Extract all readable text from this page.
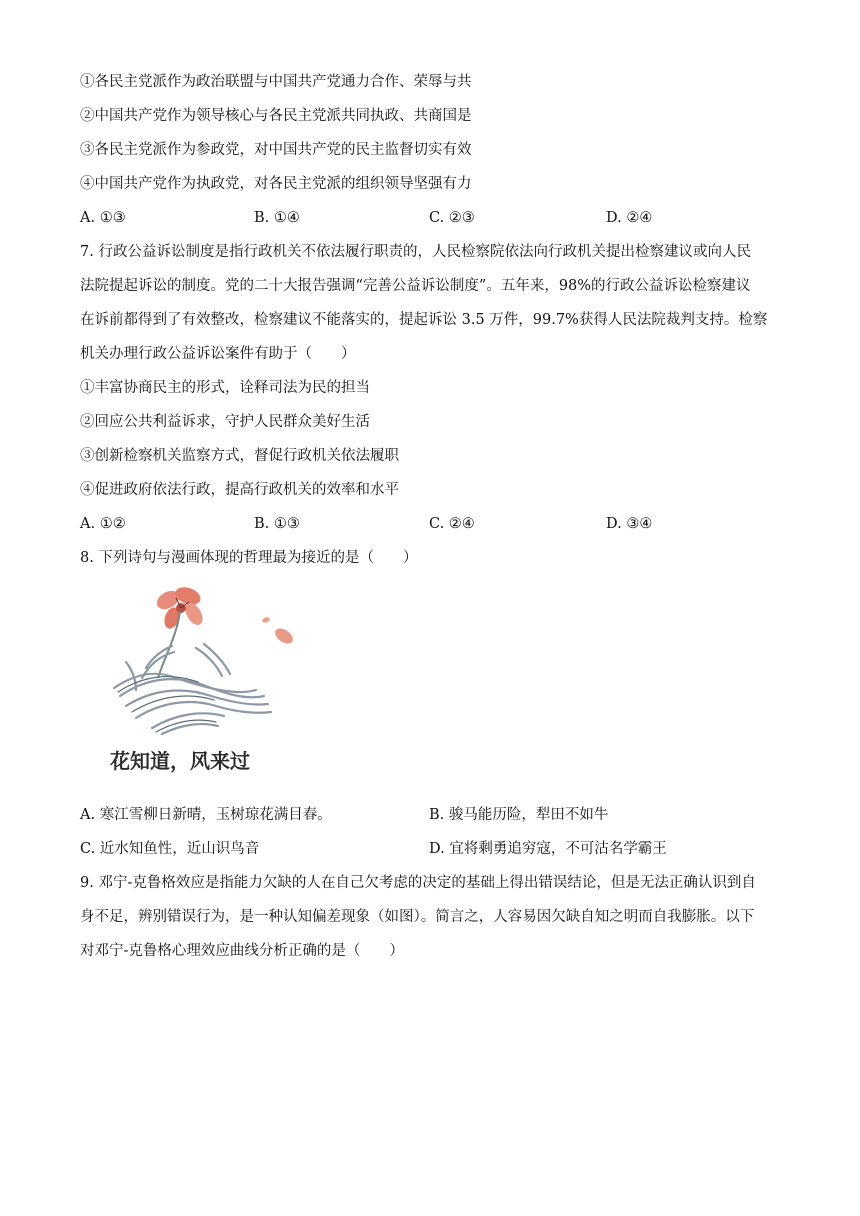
①各民主党派作为政治联盟与中国共产党通力合作、荣辱与共
②中国共产党作为领导核心与各民主党派共同执政、共商国是
③各民主党派作为参政党，对中国共产党的民主监督切实有效
④中国共产党作为执政党，对各民主党派的组织领导坚强有力
A. ①③	B. ①④	C. ②③	D. ②④
7. 行政公益诉讼制度是指行政机关不依法履行职责的，人民检察院依法向行政机关提出检察建议或向人民
法院提起诉讼的制度。党的二十大报告强调“完善公益诉讼制度”。五年来，98%的行政公益诉讼检察建议
在诉前都得到了有效整改，检察建议不能落实的，提起诉讼 3.5 万件，99.7%获得人民法院裁判支持。检察
机关办理行政公益诉讼案件有助于（　　）
①丰富协商民主的形式，诠释司法为民的担当
②回应公共利益诉求，守护人民群众美好生活
③创新检察机关监察方式，督促行政机关依法履职
④促进政府依法行政，提高行政机关的效率和水平
A. ①②	B. ①③	C. ②④	D. ③④
8. 下列诗句与漫画体现的哲理最为接近的是（　　）
花知道，风来过
A. 寒江雪柳日新晴，玉树琼花满目春。	B. 骏马能历险，犁田不如牛
C. 近水知鱼性，近山识鸟音	D. 宜将剩勇追穷寇，不可沽名学霸王
9. 邓宁-克鲁格效应是指能力欠缺的人在自己欠考虑的决定的基础上得出错误结论，但是无法正确认识到自
身不足，辨别错误行为，是一种认知偏差现象（如图）。简言之，人容易因欠缺自知之明而自我膨胀。以下
对邓宁-克鲁格心理效应曲线分析正确的是（　　）
